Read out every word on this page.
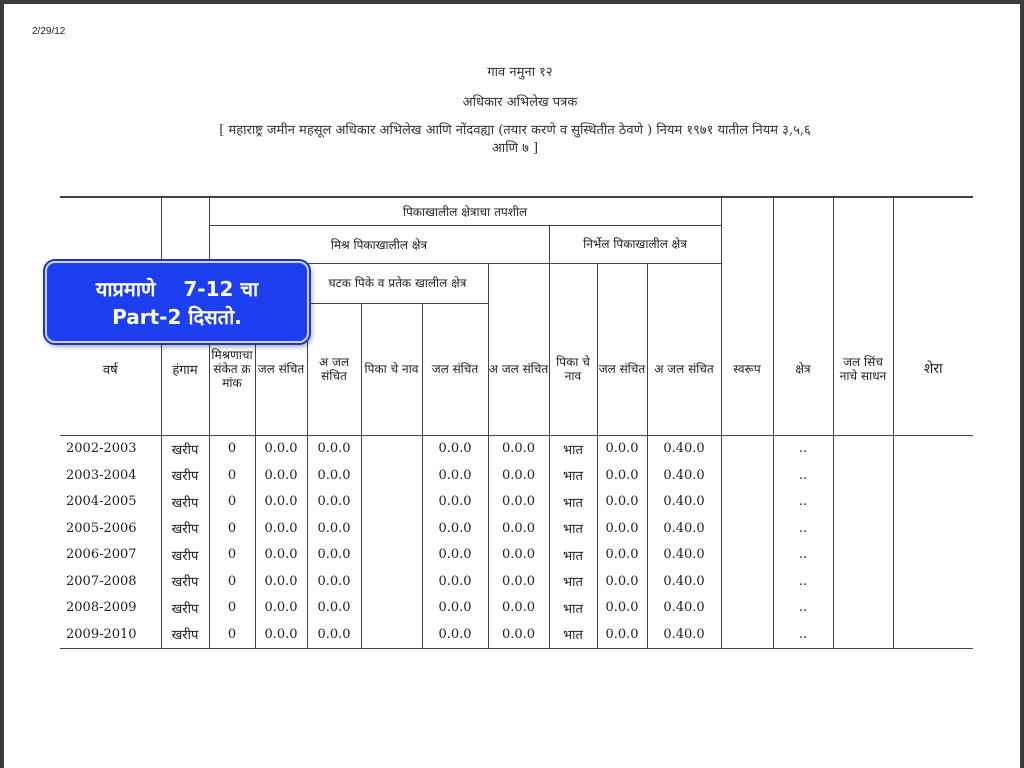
2/29/12
गाव नमुना १२
अधिकार अभिलेख पत्रक
[ महाराष्ट्र जमीन महसूल अधिकार अभिलेख आणि नोंदवह्या (तयार करणे व सुस्थितीत ठेवणे ) नियम १९७१ यातील नियम ३,५,६
आणि ७ ]
		पिकाखालील क्षेत्राचा तपशील												
		मिश्र पिकाखालील क्षेत्र						निर्भेल पिकाखालील क्षेत्र						
				घटक पिके व प्रतेक खालील क्षेत्र										
वर्ष	हंगाम	मिश्रणाचा संकेत क्र मांक	जल संचित	अ जल संचित	पिका चे नाव	जल संचित	अ जल संचित	पिका चे नाव	जल संचित	अ जल संचित	स्वरूप	क्षेत्र	जल सिंच नाचे साधन	शेरा
2002-2003	खरीप	0	0.0.0	0.0.0		0.0.0	0.0.0	भात	0.0.0	0.40.0		..		
2003-2004	खरीप	0	0.0.0	0.0.0		0.0.0	0.0.0	भात	0.0.0	0.40.0		..		
2004-2005	खरीप	0	0.0.0	0.0.0		0.0.0	0.0.0	भात	0.0.0	0.40.0		..		
2005-2006	खरीप	0	0.0.0	0.0.0		0.0.0	0.0.0	भात	0.0.0	0.40.0		..		
2006-2007	खरीप	0	0.0.0	0.0.0		0.0.0	0.0.0	भात	0.0.0	0.40.0		..		
2007-2008	खरीप	0	0.0.0	0.0.0		0.0.0	0.0.0	भात	0.0.0	0.40.0		..		
2008-2009	खरीप	0	0.0.0	0.0.0		0.0.0	0.0.0	भात	0.0.0	0.40.0		..		
2009-2010	खरीप	0	0.0.0	0.0.0		0.0.0	0.0.0	भात	0.0.0	0.40.0		..		
याप्रमाणे    7-12 चा
Part-2 दिसतो.
